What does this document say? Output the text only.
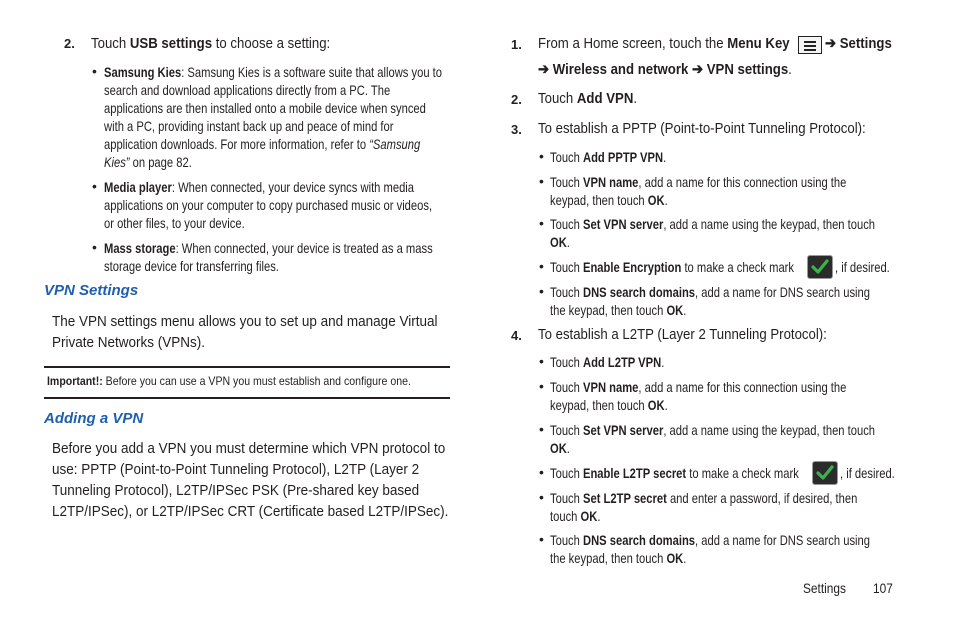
2. Touch USB settings to choose a setting:
• Samsung Kies: Samsung Kies is a software suite that allows you to
search and download applications directly from a PC. The
applications are then installed onto a mobile device when synced
with a PC, providing instant back up and peace of mind for
application downloads. For more information, refer to “Samsung
Kies” on page 82.
• Media player: When connected, your device syncs with media
applications on your computer to copy purchased music or videos,
or other files, to your device.
• Mass storage: When connected, your device is treated as a mass
storage device for transferring files.
VPN Settings
The VPN settings menu allows you to set up and manage Virtual
Private Networks (VPNs).
Important!: Before you can use a VPN you must establish and configure one.
Adding a VPN
Before you add a VPN you must determine which VPN protocol to
use: PPTP (Point-to-Point Tunneling Protocol), L2TP (Layer 2
Tunneling Protocol), L2TP/IPSec PSK (Pre-shared key based
L2TP/IPSec), or L2TP/IPSec CRT (Certificate based L2TP/IPSec).
1. From a Home screen, touch the Menu Key	➔ Settings
➔ Wireless and network ➔ VPN settings.
2. Touch Add VPN.
3. To establish a PPTP (Point-to-Point Tunneling Protocol):
• Touch Add PPTP VPN.
• Touch VPN name, add a name for this connection using the
keypad, then touch OK.
• Touch Set VPN server, add a name using the keypad, then touch
OK.
• Touch Enable Encryption to make a check mark	, if desired.
• Touch DNS search domains, add a name for DNS search using
the keypad, then touch OK.
4. To establish a L2TP (Layer 2 Tunneling Protocol):
• Touch Add L2TP VPN.
• Touch VPN name, add a name for this connection using the
keypad, then touch OK.
• Touch Set VPN server, add a name using the keypad, then touch
OK.
• Touch Enable L2TP secret to make a check mark	, if desired.
• Touch Set L2TP secret and enter a password, if desired, then
touch OK.
• Touch DNS search domains, add a name for DNS search using
the keypad, then touch OK.
Settings	107
